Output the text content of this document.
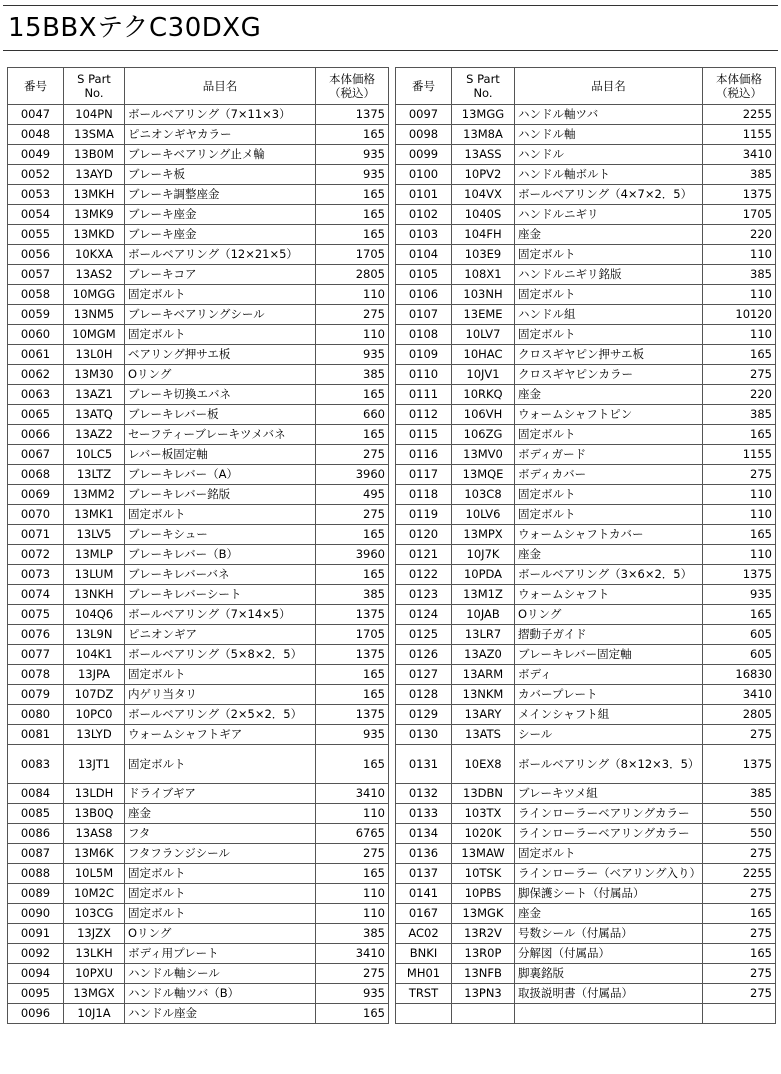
15BBXテクC30DXG
番号	S Part No.	品目名	本体価格（税込）
0047	104PN	ボールベアリング（7×11×3）	1375
0048	13SMA	ピニオンギヤカラー	165
0049	13B0M	ブレーキベアリング止メ輪	935
0052	13AYD	ブレーキ板	935
0053	13MKH	ブレーキ調整座金	165
0054	13MK9	ブレーキ座金	165
0055	13MKD	ブレーキ座金	165
0056	10KXA	ボールベアリング（12×21×5）	1705
0057	13AS2	ブレーキコア	2805
0058	10MGG	固定ボルト	110
0059	13NM5	ブレーキベアリングシール	275
0060	10MGM	固定ボルト	110
0061	13L0H	ベアリング押サエ板	935
0062	13M30	Oリング	385
0063	13AZ1	ブレーキ切換エバネ	165
0065	13ATQ	ブレーキレバー板	660
0066	13AZ2	セーフティーブレーキツメバネ	165
0067	10LC5	レバー板固定軸	275
0068	13LTZ	ブレーキレバー（A）	3960
0069	13MM2	ブレーキレバー銘版	495
0070	13MK1	固定ボルト	275
0071	13LV5	ブレーキシュー	165
0072	13MLP	ブレーキレバー（B）	3960
0073	13LUM	ブレーキレバーバネ	165
0074	13NKH	ブレーキレバーシート	385
0075	104Q6	ボールベアリング（7×14×5）	1375
0076	13L9N	ピニオンギア	1705
0077	104K1	ボールベアリング（5×8×2．5）	1375
0078	13JPA	固定ボルト	165
0079	107DZ	内ゲリ当タリ	165
0080	10PC0	ボールベアリング（2×5×2．5）	1375
0081	13LYD	ウォームシャフトギア	935
0083	13JT1	固定ボルト	165
0084	13LDH	ドライブギア	3410
0085	13B0Q	座金	110
0086	13AS8	フタ	6765
0087	13M6K	フタフランジシール	275
0088	10L5M	固定ボルト	165
0089	10M2C	固定ボルト	110
0090	103CG	固定ボルト	110
0091	13JZX	Oリング	385
0092	13LKH	ボディ用プレート	3410
0094	10PXU	ハンドル軸シール	275
0095	13MGX	ハンドル軸ツバ（B）	935
0096	10J1A	ハンドル座金	165
番号	S Part No.	品目名	本体価格（税込）
0097	13MGG	ハンドル軸ツバ	2255
0098	13M8A	ハンドル軸	1155
0099	13ASS	ハンドル	3410
0100	10PV2	ハンドル軸ボルト	385
0101	104VX	ボールベアリング（4×7×2．5）	1375
0102	1040S	ハンドルニギリ	1705
0103	104FH	座金	220
0104	103E9	固定ボルト	110
0105	108X1	ハンドルニギリ銘版	385
0106	103NH	固定ボルト	110
0107	13EME	ハンドル組	10120
0108	10LV7	固定ボルト	110
0109	10HAC	クロスギヤピン押サエ板	165
0110	10JV1	クロスギヤピンカラー	275
0111	10RKQ	座金	220
0112	106VH	ウォームシャフトピン	385
0115	106ZG	固定ボルト	165
0116	13MV0	ボディガード	1155
0117	13MQE	ボディカバー	275
0118	103C8	固定ボルト	110
0119	10LV6	固定ボルト	110
0120	13MPX	ウォームシャフトカバー	165
0121	10J7K	座金	110
0122	10PDA	ボールベアリング（3×6×2．5）	1375
0123	13M1Z	ウォームシャフト	935
0124	10JAB	Oリング	165
0125	13LR7	摺動子ガイド	605
0126	13AZ0	ブレーキレバー固定軸	605
0127	13ARM	ボディ	16830
0128	13NKM	カバープレート	3410
0129	13ARY	メインシャフト組	2805
0130	13ATS	シール	275
0131	10EX8	ボールベアリング（8×12×3．5）	1375
0132	13DBN	ブレーキツメ組	385
0133	103TX	ラインローラーベアリングカラー	550
0134	1020K	ラインローラーベアリングカラー	550
0136	13MAW	固定ボルト	275
0137	10TSK	ラインローラー（ベアリング入り）	2255
0141	10PBS	脚保護シート（付属品）	275
0167	13MGK	座金	165
AC02	13R2V	号数シール（付属品）	275
BNKI	13R0P	分解図（付属品）	165
MH01	13NFB	脚裏銘版	275
TRST	13PN3	取扱説明書（付属品）	275
